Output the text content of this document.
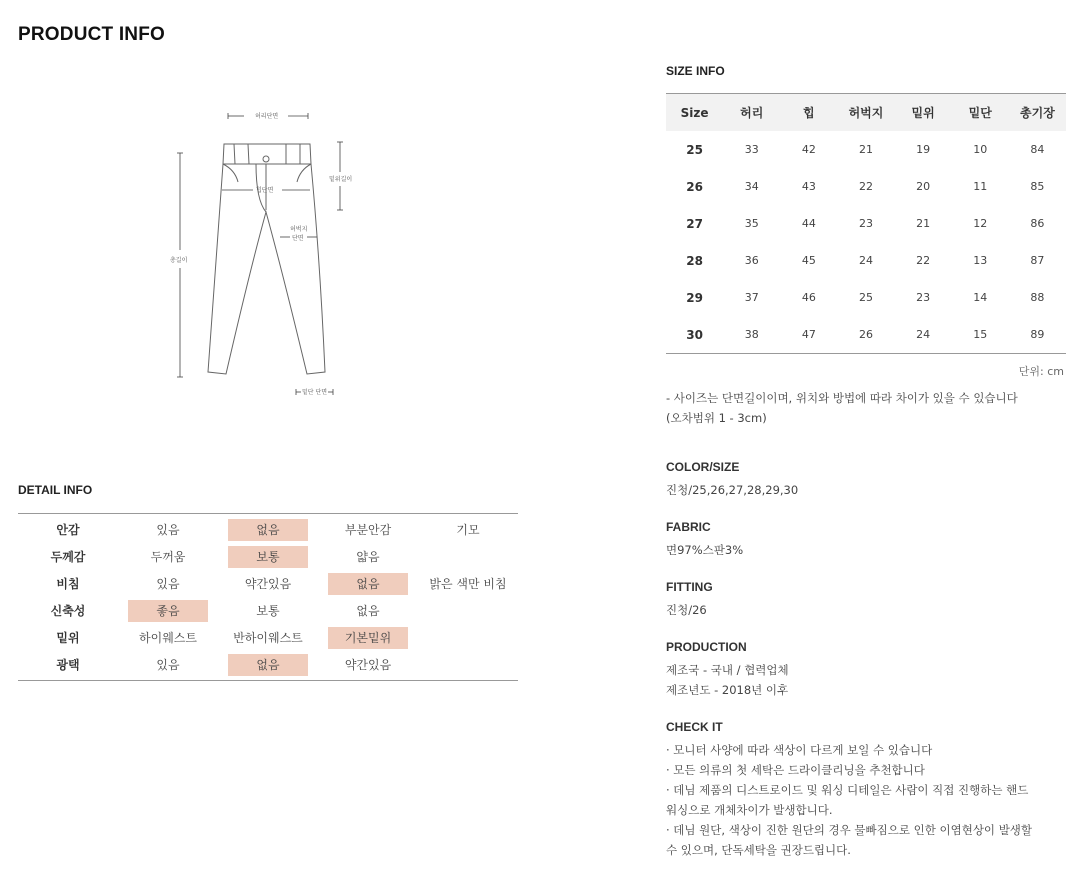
PRODUCT INFO
허리단면
밑위길이
힙단면
허벅지
단면
총길이
밑단 단면
DETAIL INFO
안감	있음	없음	부분안감	기모
두께감	두꺼움	보통	얇음
비침	있음	약간있음	없음	밝은 색만 비침
신축성	좋음	보통	없음
밑위	하이웨스트	반하이웨스트	기본밑위
광택	있음	없음	약간있음
SIZE INFO
Size	허리	힙	허벅지	밑위	밑단	총기장
25	33	42	21	19	10	84
26	34	43	22	20	11	85
27	35	44	23	21	12	86
28	36	45	24	22	13	87
29	37	46	25	23	14	88
30	38	47	26	24	15	89

단위: cm

- 사이즈는 단면길이이며, 위치와 방법에 따라 차이가 있을 수 있습니다

(오차범위 1 - 3cm)

COLOR/SIZE

진청/25,26,27,28,29,30

FABRIC

면97%스판3%

FITTING

진청/26

PRODUCTION

제조국 - 국내 / 협력업체

제조년도 - 2018년 이후

CHECK IT

· 모니터 사양에 따라 색상이 다르게 보일 수 있습니다

· 모든 의류의 첫 세탁은 드라이클리닝을 추천합니다

· 데님 제품의 디스트로이드 및 워싱 디테일은 사람이 직접 진행하는 핸드

워싱으로 개체차이가 발생합니다.

· 데님 원단, 색상이 진한 원단의 경우 물빠짐으로 인한 이염현상이 발생할

수 있으며, 단독세탁을 권장드립니다.
